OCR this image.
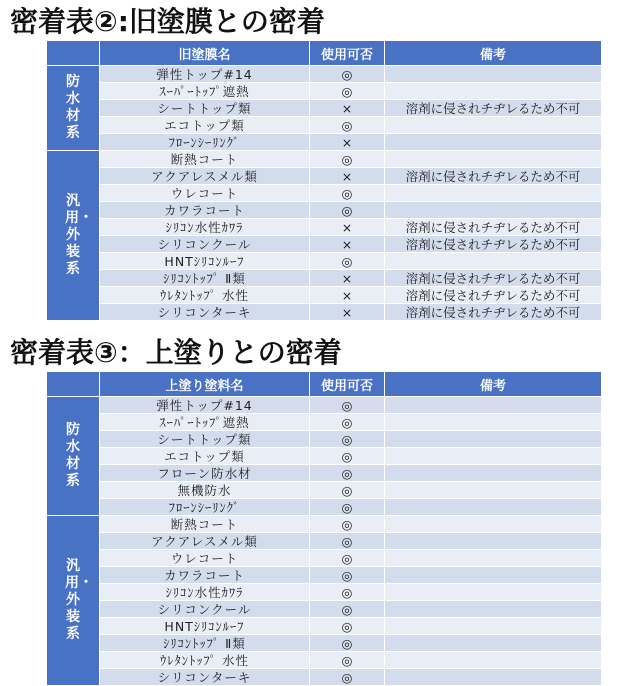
密着表②:旧塗膜との密着
	旧塗膜名	使用可否	備考
防水材系	弾性トップ#14	◎	
	ｽｰﾊﾟｰﾄｯﾌﾟ遮熱	◎	
	シートトップ類	×	溶剤に侵されチヂレるため不可
	エコトップ類	◎	
	ﾌﾛｰﾝｼｰﾘﾝｸﾞ	×	
汎用・外装系	断熱コート	◎	
	アクアレスメル類	×	溶剤に侵されチヂレるため不可
	ウレコート	◎	
	カワラコート	◎	
	ｼﾘｺﾝ水性ｶﾜﾗ	×	溶剤に侵されチヂレるため不可
	シリコンクール	×	溶剤に侵されチヂレるため不可
	HNTｼﾘｺﾝﾙｰﾌ	◎	
	ｼﾘｺﾝﾄｯﾌﾟ Ⅱ類	×	溶剤に侵されチヂレるため不可
	ｳﾚﾀﾝﾄｯﾌﾟ 水性	×	溶剤に侵されチヂレるため不可
	シリコンターキ	×	溶剤に侵されチヂレるため不可
密着表③：上塗りとの密着
	上塗り塗料名	使用可否	備考
防水材系	弾性トップ#14	◎	
	ｽｰﾊﾟｰﾄｯﾌﾟ遮熱	◎	
	シートトップ類	◎	
	エコトップ類	◎	
	フローン防水材	◎	
	無機防水	◎	
	ﾌﾛｰﾝｼｰﾘﾝｸﾞ	◎	
汎用・外装系	断熱コート	◎	
	アクアレスメル類	◎	
	ウレコート	◎	
	カワラコート	◎	
	ｼﾘｺﾝ水性ｶﾜﾗ	◎	
	シリコンクール	◎	
	HNTｼﾘｺﾝﾙｰﾌ	◎	
	ｼﾘｺﾝﾄｯﾌﾟ Ⅱ類	◎	
	ｳﾚﾀﾝﾄｯﾌﾟ 水性	◎	
	シリコンターキ	◎	
